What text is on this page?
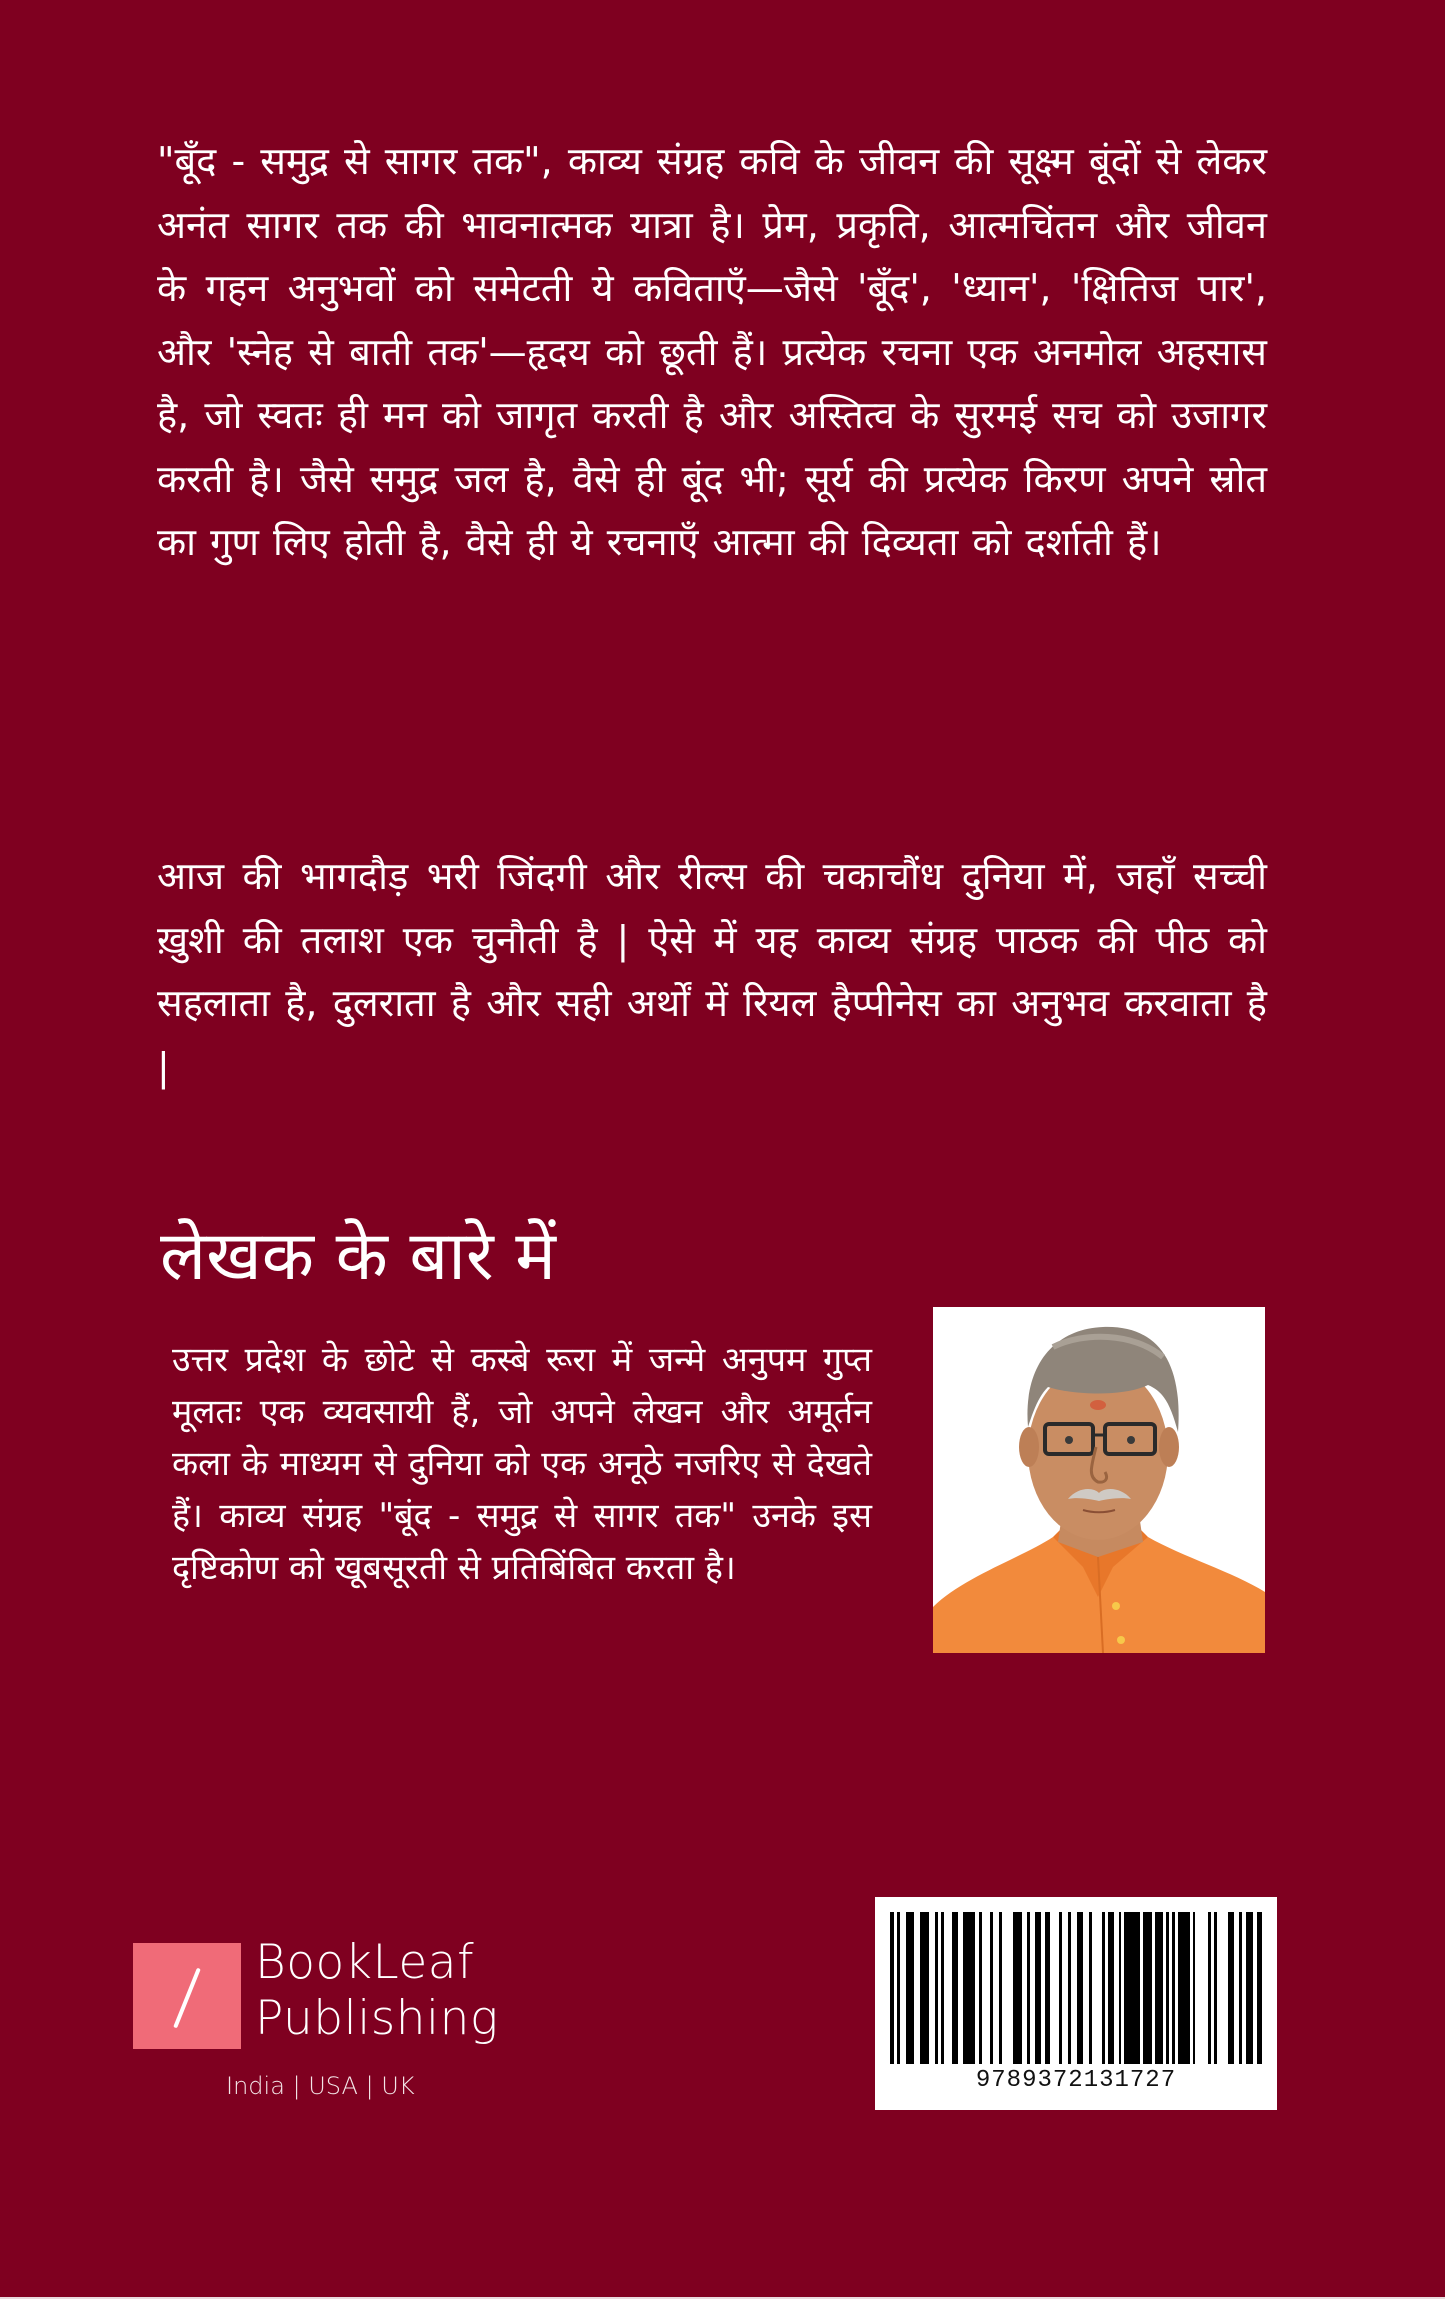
"बूँद - समुद्र से सागर तक", काव्य संग्रह कवि के जीवन की सूक्ष्म बूंदों से लेकर अनंत सागर तक की भावनात्मक यात्रा है। प्रेम, प्रकृति, आत्मचिंतन और जीवन के गहन अनुभवों को समेटती ये कविताएँ—जैसे 'बूँद', 'ध्यान', 'क्षितिज पार', और 'स्नेह से बाती तक'—हृदय को छूती हैं। प्रत्येक रचना एक अनमोल अहसास है, जो स्वतः ही मन को जागृत करती है और अस्तित्व के सुरमई सच को उजागर करती है। जैसे समुद्र जल है, वैसे ही बूंद भी; सूर्य की प्रत्येक किरण अपने स्रोत का गुण लिए होती है, वैसे ही ये रचनाएँ आत्मा की दिव्यता को दर्शाती हैं।

आज की भागदौड़ भरी जिंदगी और रील्स की चकाचौंध दुनिया में, जहाँ सच्ची ख़ुशी की तलाश एक चुनौती है | ऐसे में यह काव्य संग्रह पाठक की पीठ को सहलाता है, दुलराता है और सही अर्थों में रियल हैप्पीनेस का अनुभव करवाता है |

लेखक के बारे में

उत्तर प्रदेश के छोटे से कस्बे रूरा में जन्मे अनुपम गुप्त मूलतः एक व्यवसायी हैं, जो अपने लेखन और अमूर्तन कला के माध्यम से दुनिया को एक अनूठे नजरिए से देखते हैं। काव्य संग्रह "बूंद - समुद्र से सागर तक" उनके इस दृष्टिकोण को खूबसूरती से प्रतिबिंबित करता है।

BookLeaf
Publishing
India | USA | UK	9789372131727
